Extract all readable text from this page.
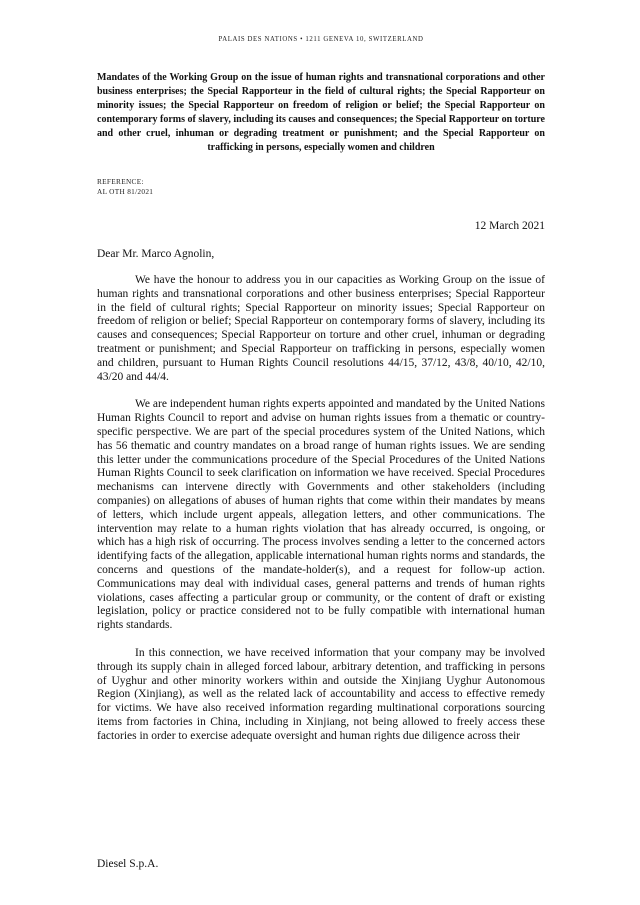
PALAIS DES NATIONS • 1211 GENEVA 10, SWITZERLAND
Mandates of the Working Group on the issue of human rights and transnational corporations and other business enterprises; the Special Rapporteur in the field of cultural rights; the Special Rapporteur on minority issues; the Special Rapporteur on freedom of religion or belief; the Special Rapporteur on contemporary forms of slavery, including its causes and consequences; the Special Rapporteur on torture and other cruel, inhuman or degrading treatment or punishment; and the Special Rapporteur on trafficking in persons, especially women and children
REFERENCE:
AL OTH 81/2021
12 March 2021
Dear Mr. Marco Agnolin,

We have the honour to address you in our capacities as Working Group on the issue of human rights and transnational corporations and other business enterprises; Special Rapporteur in the field of cultural rights; Special Rapporteur on minority issues; Special Rapporteur on freedom of religion or belief; Special Rapporteur on contemporary forms of slavery, including its causes and consequences; Special Rapporteur on torture and other cruel, inhuman or degrading treatment or punishment; and Special Rapporteur on trafficking in persons, especially women and children, pursuant to Human Rights Council resolutions 44/15, 37/12, 43/8, 40/10, 42/10, 43/20 and 44/4.

We are independent human rights experts appointed and mandated by the United Nations Human Rights Council to report and advise on human rights issues from a thematic or country-specific perspective. We are part of the special procedures system of the United Nations, which has 56 thematic and country mandates on a broad range of human rights issues. We are sending this letter under the communications procedure of the Special Procedures of the United Nations Human Rights Council to seek clarification on information we have received. Special Procedures mechanisms can intervene directly with Governments and other stakeholders (including companies) on allegations of abuses of human rights that come within their mandates by means of letters, which include urgent appeals, allegation letters, and other communications. The intervention may relate to a human rights violation that has already occurred, is ongoing, or which has a high risk of occurring. The process involves sending a letter to the concerned actors identifying facts of the allegation, applicable international human rights norms and standards, the concerns and questions of the mandate-holder(s), and a request for follow-up action. Communications may deal with individual cases, general patterns and trends of human rights violations, cases affecting a particular group or community, or the content of draft or existing legislation, policy or practice considered not to be fully compatible with international human rights standards.

In this connection, we have received information that your company may be involved through its supply chain in alleged forced labour, arbitrary detention, and trafficking in persons of Uyghur and other minority workers within and outside the Xinjiang Uyghur Autonomous Region (Xinjiang), as well as the related lack of accountability and access to effective remedy for victims. We have also received information regarding multinational corporations sourcing items from factories in China, including in Xinjiang, not being allowed to freely access these factories in order to exercise adequate oversight and human rights due diligence across their

Diesel S.p.A.
